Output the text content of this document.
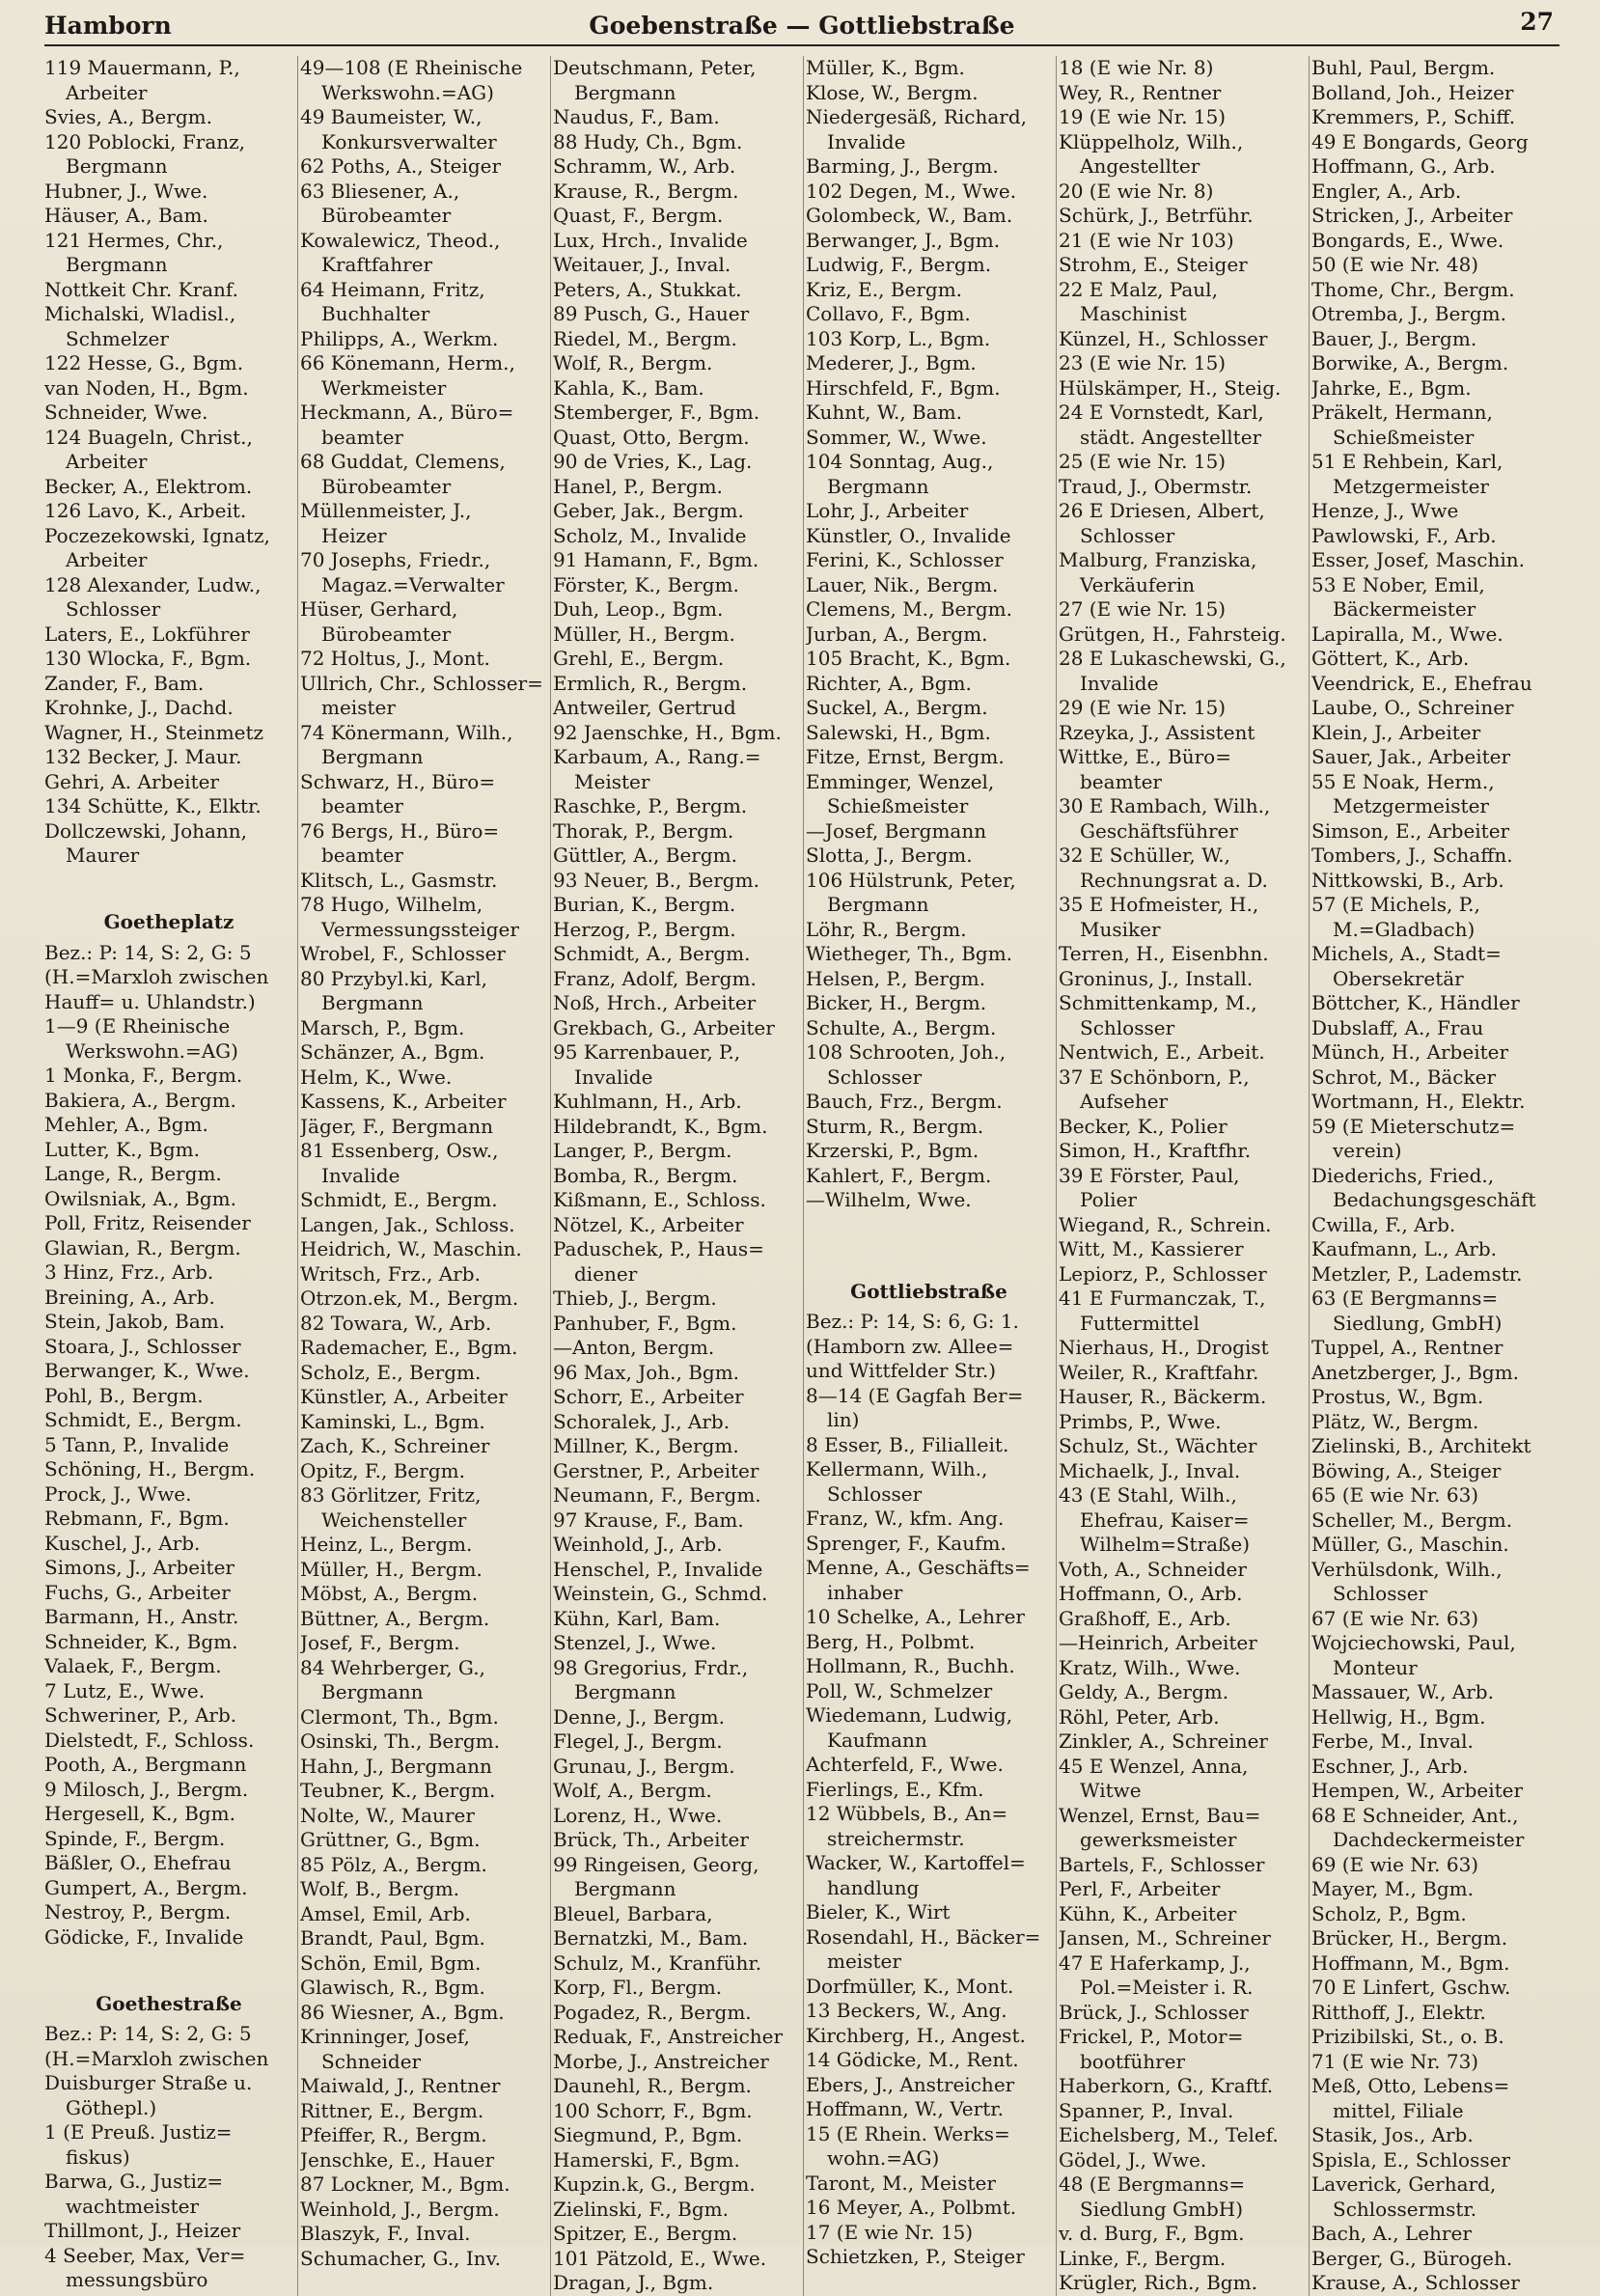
Hamborn	Goebenstraße — Gottliebstraße	27
119 Mauermann, P.,
Arbeiter
Svies, A., Bergm.
120 Poblocki, Franz,
Bergmann
Hubner, J., Wwe.
Häuser, A., Bam.
121 Hermes, Chr.,
Bergmann
Nottkeit Chr. Kranf.
Michalski, Wladisl.,
Schmelzer
122 Hesse, G., Bgm.
van Noden, H., Bgm.
Schneider, Wwe.
124 Buageln, Christ.,
Arbeiter
Becker, A., Elektrom.
126 Lavo, K., Arbeit.
Poczezekowski, Ignatz,
Arbeiter
128 Alexander, Ludw.,
Schlosser
Laters, E., Lokführer
130 Wlocka, F., Bgm.
Zander, F., Bam.
Krohnke, J., Dachd.
Wagner, H., Steinmetz
132 Becker, J. Maur.
Gehri, A. Arbeiter
134 Schütte, K., Elktr.
Dollczewski, Johann,
Maurer
Goetheplatz
Bez.: P: 14, S: 2, G: 5
(H.=Marxloh zwischen
Hauff= u. Uhlandstr.)
1—9 (E Rheinische
Werkswohn.=AG)
1 Monka, F., Bergm.
Bakiera, A., Bergm.
Mehler, A., Bgm.
Lutter, K., Bgm.
Lange, R., Bergm.
Owilsniak, A., Bgm.
Poll, Fritz, Reisender
Glawian, R., Bergm.
3 Hinz, Frz., Arb.
Breining, A., Arb.
Stein, Jakob, Bam.
Stoara, J., Schlosser
Berwanger, K., Wwe.
Pohl, B., Bergm.
Schmidt, E., Bergm.
5 Tann, P., Invalide
Schöning, H., Bergm.
Prock, J., Wwe.
Rebmann, F., Bgm.
Kuschel, J., Arb.
Simons, J., Arbeiter
Fuchs, G., Arbeiter
Barmann, H., Anstr.
Schneider, K., Bgm.
Valaek, F., Bergm.
7 Lutz, E., Wwe.
Schweriner, P., Arb.
Dielstedt, F., Schloss.
Pooth, A., Bergmann
9 Milosch, J., Bergm.
Hergesell, K., Bgm.
Spinde, F., Bergm.
Bäßler, O., Ehefrau
Gumpert, A., Bergm.
Nestroy, P., Bergm.
Gödicke, F., Invalide
Goethestraße
Bez.: P: 14, S: 2, G: 5
(H.=Marxloh zwischen
Duisburger Straße u.
Göthepl.)
1 (E Preuß. Justiz=
fiskus)
Barwa, G., Justiz=
wachtmeister
Thillmont, J., Heizer
4 Seeber, Max, Ver=
messungsbüro
49—108 (E Rheinische
Werkswohn.=AG)
49 Baumeister, W.,
Konkursverwalter
62 Poths, A., Steiger
63 Bliesener, A.,
Bürobeamter
Kowalewicz, Theod.,
Kraftfahrer
64 Heimann, Fritz,
Buchhalter
Philipps, A., Werkm.
66 Könemann, Herm.,
Werkmeister
Heckmann, A., Büro=
beamter
68 Guddat, Clemens,
Bürobeamter
Müllenmeister, J.,
Heizer
70 Josephs, Friedr.,
Magaz.=Verwalter
Hüser, Gerhard,
Bürobeamter
72 Holtus, J., Mont.
Ullrich, Chr., Schlosser=
meister
74 Könermann, Wilh.,
Bergmann
Schwarz, H., Büro=
beamter
76 Bergs, H., Büro=
beamter
Klitsch, L., Gasmstr.
78 Hugo, Wilhelm,
Vermessungssteiger
Wrobel, F., Schlosser
80 Przybyl.ki, Karl,
Bergmann
Marsch, P., Bgm.
Schänzer, A., Bgm.
Helm, K., Wwe.
Kassens, K., Arbeiter
Jäger, F., Bergmann
81 Essenberg, Osw.,
Invalide
Schmidt, E., Bergm.
Langen, Jak., Schloss.
Heidrich, W., Maschin.
Writsch, Frz., Arb.
Otrzon.ek, M., Bergm.
82 Towara, W., Arb.
Rademacher, E., Bgm.
Scholz, E., Bergm.
Künstler, A., Arbeiter
Kaminski, L., Bgm.
Zach, K., Schreiner
Opitz, F., Bergm.
83 Görlitzer, Fritz,
Weichensteller
Heinz, L., Bergm.
Müller, H., Bergm.
Möbst, A., Bergm.
Büttner, A., Bergm.
Josef, F., Bergm.
84 Wehrberger, G.,
Bergmann
Clermont, Th., Bgm.
Osinski, Th., Bergm.
Hahn, J., Bergmann
Teubner, K., Bergm.
Nolte, W., Maurer
Grüttner, G., Bgm.
85 Pölz, A., Bergm.
Wolf, B., Bergm.
Amsel, Emil, Arb.
Brandt, Paul, Bgm.
Schön, Emil, Bgm.
Glawisch, R., Bgm.
86 Wiesner, A., Bgm.
Krinninger, Josef,
Schneider
Maiwald, J., Rentner
Rittner, E., Bergm.
Pfeiffer, R., Bergm.
Jenschke, E., Hauer
87 Lockner, M., Bgm.
Weinhold, J., Bergm.
Blaszyk, F., Inval.
Schumacher, G., Inv.
Deutschmann, Peter,
Bergmann
Naudus, F., Bam.
88 Hudy, Ch., Bgm.
Schramm, W., Arb.
Krause, R., Bergm.
Quast, F., Bergm.
Lux, Hrch., Invalide
Weitauer, J., Inval.
Peters, A., Stukkat.
89 Pusch, G., Hauer
Riedel, M., Bergm.
Wolf, R., Bergm.
Kahla, K., Bam.
Stemberger, F., Bgm.
Quast, Otto, Bergm.
90 de Vries, K., Lag.
Hanel, P., Bergm.
Geber, Jak., Bergm.
Scholz, M., Invalide
91 Hamann, F., Bgm.
Förster, K., Bergm.
Duh, Leop., Bgm.
Müller, H., Bergm.
Grehl, E., Bergm.
Ermlich, R., Bergm.
Antweiler, Gertrud
92 Jaenschke, H., Bgm.
Karbaum, A., Rang.=
Meister
Raschke, P., Bergm.
Thorak, P., Bergm.
Güttler, A., Bergm.
93 Neuer, B., Bergm.
Burian, K., Bergm.
Herzog, P., Bergm.
Schmidt, A., Bergm.
Franz, Adolf, Bergm.
Noß, Hrch., Arbeiter
Grekbach, G., Arbeiter
95 Karrenbauer, P.,
Invalide
Kuhlmann, H., Arb.
Hildebrandt, K., Bgm.
Langer, P., Bergm.
Bomba, R., Bergm.
Kißmann, E., Schloss.
Nötzel, K., Arbeiter
Paduschek, P., Haus=
diener
Thieb, J., Bergm.
Panhuber, F., Bgm.
—Anton, Bergm.
96 Max, Joh., Bgm.
Schorr, E., Arbeiter
Schoralek, J., Arb.
Millner, K., Bergm.
Gerstner, P., Arbeiter
Neumann, F., Bergm.
97 Krause, F., Bam.
Weinhold, J., Arb.
Henschel, P., Invalide
Weinstein, G., Schmd.
Kühn, Karl, Bam.
Stenzel, J., Wwe.
98 Gregorius, Frdr.,
Bergmann
Denne, J., Bergm.
Flegel, J., Bergm.
Grunau, J., Bergm.
Wolf, A., Bergm.
Lorenz, H., Wwe.
Brück, Th., Arbeiter
99 Ringeisen, Georg,
Bergmann
Bleuel, Barbara,
Bernatzki, M., Bam.
Schulz, M., Kranführ.
Korp, Fl., Bergm.
Pogadez, R., Bergm.
Reduak, F., Anstreicher
Morbe, J., Anstreicher
Daunehl, R., Bergm.
100 Schorr, F., Bgm.
Siegmund, P., Bgm.
Hamerski, F., Bgm.
Kupzin.k, G., Bergm.
Zielinski, F., Bgm.
Spitzer, E., Bergm.
101 Pätzold, E., Wwe.
Dragan, J., Bgm.
Müller, K., Bgm.
Klose, W., Bergm.
Niedergesäß, Richard,
Invalide
Barming, J., Bergm.
102 Degen, M., Wwe.
Golombeck, W., Bam.
Berwanger, J., Bgm.
Ludwig, F., Bergm.
Kriz, E., Bergm.
Collavo, F., Bgm.
103 Korp, L., Bgm.
Mederer, J., Bgm.
Hirschfeld, F., Bgm.
Kuhnt, W., Bam.
Sommer, W., Wwe.
104 Sonntag, Aug.,
Bergmann
Lohr, J., Arbeiter
Künstler, O., Invalide
Ferini, K., Schlosser
Lauer, Nik., Bergm.
Clemens, M., Bergm.
Jurban, A., Bergm.
105 Bracht, K., Bgm.
Richter, A., Bgm.
Suckel, A., Bergm.
Salewski, H., Bgm.
Fitze, Ernst, Bergm.
Emminger, Wenzel,
Schießmeister
—Josef, Bergmann
Slotta, J., Bergm.
106 Hülstrunk, Peter,
Bergmann
Löhr, R., Bergm.
Wietheger, Th., Bgm.
Helsen, P., Bergm.
Bicker, H., Bergm.
Schulte, A., Bergm.
108 Schrooten, Joh.,
Schlosser
Bauch, Frz., Bergm.
Sturm, R., Bergm.
Krzerski, P., Bgm.
Kahlert, F., Bergm.
—Wilhelm, Wwe.
Gottliebstraße
Bez.: P: 14, S: 6, G: 1.
(Hamborn zw. Allee=
und Wittfelder Str.)
8—14 (E Gagfah Ber=
lin)
8 Esser, B., Filialleit.
Kellermann, Wilh.,
Schlosser
Franz, W., kfm. Ang.
Sprenger, F., Kaufm.
Menne, A., Geschäfts=
inhaber
10 Schelke, A., Lehrer
Berg, H., Polbmt.
Hollmann, R., Buchh.
Poll, W., Schmelzer
Wiedemann, Ludwig,
Kaufmann
Achterfeld, F., Wwe.
Fierlings, E., Kfm.
12 Wübbels, B., An=
streichermstr.
Wacker, W., Kartoffel=
handlung
Bieler, K., Wirt
Rosendahl, H., Bäcker=
meister
Dorfmüller, K., Mont.
13 Beckers, W., Ang.
Kirchberg, H., Angest.
14 Gödicke, M., Rent.
Ebers, J., Anstreicher
Hoffmann, W., Vertr.
15 (E Rhein. Werks=
wohn.=AG)
Taront, M., Meister
16 Meyer, A., Polbmt.
17 (E wie Nr. 15)
Schietzken, P., Steiger
18 (E wie Nr. 8)
Wey, R., Rentner
19 (E wie Nr. 15)
Klüppelholz, Wilh.,
Angestellter
20 (E wie Nr. 8)
Schürk, J., Betrführ.
21 (E wie Nr 103)
Strohm, E., Steiger
22 E Malz, Paul,
Maschinist
Künzel, H., Schlosser
23 (E wie Nr. 15)
Hülskämper, H., Steig.
24 E Vornstedt, Karl,
städt. Angestellter
25 (E wie Nr. 15)
Traud, J., Obermstr.
26 E Driesen, Albert,
Schlosser
Malburg, Franziska,
Verkäuferin
27 (E wie Nr. 15)
Grütgen, H., Fahrsteig.
28 E Lukaschewski, G.,
Invalide
29 (E wie Nr. 15)
Rzeyka, J., Assistent
Wittke, E., Büro=
beamter
30 E Rambach, Wilh.,
Geschäftsführer
32 E Schüller, W.,
Rechnungsrat a. D.
35 E Hofmeister, H.,
Musiker
Terren, H., Eisenbhn.
Groninus, J., Install.
Schmittenkamp, M.,
Schlosser
Nentwich, E., Arbeit.
37 E Schönborn, P.,
Aufseher
Becker, K., Polier
Simon, H., Kraftfhr.
39 E Förster, Paul,
Polier
Wiegand, R., Schrein.
Witt, M., Kassierer
Lepiorz, P., Schlosser
41 E Furmanczak, T.,
Futtermittel
Nierhaus, H., Drogist
Weiler, R., Kraftfahr.
Hauser, R., Bäckerm.
Primbs, P., Wwe.
Schulz, St., Wächter
Michaelk, J., Inval.
43 (E Stahl, Wilh.,
Ehefrau, Kaiser=
Wilhelm=Straße)
Voth, A., Schneider
Hoffmann, O., Arb.
Graßhoff, E., Arb.
—Heinrich, Arbeiter
Kratz, Wilh., Wwe.
Geldy, A., Bergm.
Röhl, Peter, Arb.
Zinkler, A., Schreiner
45 E Wenzel, Anna,
Witwe
Wenzel, Ernst, Bau=
gewerksmeister
Bartels, F., Schlosser
Perl, F., Arbeiter
Kühn, K., Arbeiter
Jansen, M., Schreiner
47 E Haferkamp, J.,
Pol.=Meister i. R.
Brück, J., Schlosser
Frickel, P., Motor=
bootführer
Haberkorn, G., Kraftf.
Spanner, P., Inval.
Eichelsberg, M., Telef.
Gödel, J., Wwe.
48 (E Bergmanns=
Siedlung GmbH)
v. d. Burg, F., Bgm.
Linke, F., Bergm.
Krügler, Rich., Bgm.
Buhl, Paul, Bergm.
Bolland, Joh., Heizer
Kremmers, P., Schiff.
49 E Bongards, Georg
Hoffmann, G., Arb.
Engler, A., Arb.
Stricken, J., Arbeiter
Bongards, E., Wwe.
50 (E wie Nr. 48)
Thome, Chr., Bergm.
Otremba, J., Bergm.
Bauer, J., Bergm.
Borwike, A., Bergm.
Jahrke, E., Bgm.
Präkelt, Hermann,
Schießmeister
51 E Rehbein, Karl,
Metzgermeister
Henze, J., Wwe
Pawlowski, F., Arb.
Esser, Josef, Maschin.
53 E Nober, Emil,
Bäckermeister
Lapiralla, M., Wwe.
Göttert, K., Arb.
Veendrick, E., Ehefrau
Laube, O., Schreiner
Klein, J., Arbeiter
Sauer, Jak., Arbeiter
55 E Noak, Herm.,
Metzgermeister
Simson, E., Arbeiter
Tombers, J., Schaffn.
Nittkowski, B., Arb.
57 (E Michels, P.,
M.=Gladbach)
Michels, A., Stadt=
Obersekretär
Böttcher, K., Händler
Dubslaff, A., Frau
Münch, H., Arbeiter
Schrot, M., Bäcker
Wortmann, H., Elektr.
59 (E Mieterschutz=
verein)
Diederichs, Fried.,
Bedachungsgeschäft
Cwilla, F., Arb.
Kaufmann, L., Arb.
Metzler, P., Lademstr.
63 (E Bergmanns=
Siedlung, GmbH)
Tuppel, A., Rentner
Anetzberger, J., Bgm.
Prostus, W., Bgm.
Plätz, W., Bergm.
Zielinski, B., Architekt
Böwing, A., Steiger
65 (E wie Nr. 63)
Scheller, M., Bergm.
Müller, G., Maschin.
Verhülsdonk, Wilh.,
Schlosser
67 (E wie Nr. 63)
Wojciechowski, Paul,
Monteur
Massauer, W., Arb.
Hellwig, H., Bgm.
Ferbe, M., Inval.
Eschner, J., Arb.
Hempen, W., Arbeiter
68 E Schneider, Ant.,
Dachdeckermeister
69 (E wie Nr. 63)
Mayer, M., Bgm.
Scholz, P., Bgm.
Brücker, H., Bergm.
Hoffmann, M., Bgm.
70 E Linfert, Gschw.
Ritthoff, J., Elektr.
Prizibilski, St., o. B.
71 (E wie Nr. 73)
Meß, Otto, Lebens=
mittel, Filiale
Stasik, Jos., Arb.
Spisla, E., Schlosser
Laverick, Gerhard,
Schlossermstr.
Bach, A., Lehrer
Berger, G., Bürogeh.
Krause, A., Schlosser
